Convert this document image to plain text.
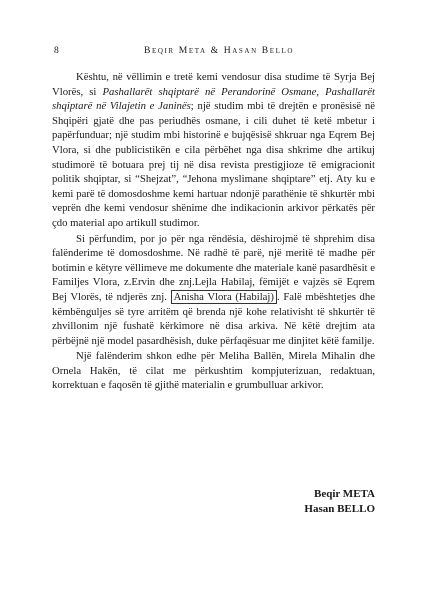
8	Beqir Meta & Hasan Bello

Kështu, në vëllimin e tretë kemi vendosur disa studime të Syrja Bej Vlorës, si Pashallarët shqiptarë në Perandorinë Osmane, Pashallarët shqiptarë në Vilajetin e Janinës; një studim mbi të drejtën e pronësisë në Shqipëri gjatë dhe pas periudhës osmane, i cili duhet të ketë mbetur i papërfunduar; një studim mbi historinë e bujqësisë shkruar nga Eqrem Bej Vlora, si dhe publicistikën e cila përbëhet nga disa shkrime dhe artikuj studimorë të botuara prej tij në disa revista prestigjioze të emigracionit politik shqiptar, si “Shejzat”, “Jehona myslimane shqiptare” etj. Aty ku e kemi parë të domosdoshme kemi hartuar ndonjë parathënie të shkurtër mbi veprën dhe kemi vendosur shënime dhe indikacionin arkivor përkatës për çdo material apo artikull studimor.

Si përfundim, por jo për nga rëndësia, dëshirojmë të shprehim disa falënderime të domosdoshme. Në radhë të parë, një meritë të madhe për botimin e këtyre vëllimeve me dokumente dhe materiale kanë pasardhësit e Familjes Vlora, z.Ervin dhe znj.Lejla Habilaj, fëmijët e vajzës së Eqrem Bej Vlorës, të ndjerës znj. Anisha Vlora (Habilaj) . Falë mbështetjes dhe këmbënguljes së tyre arritëm që brenda një kohe relativisht të shkurtër të zhvillonim një fushatë kërkimore në disa arkiva. Në këtë drejtim ata përbëjnë një model pasardhësish, duke përfaqësuar me dinjitet këtë familje.

Një falënderim shkon edhe për Meliha Ballën, Mirela Mihalin dhe Ornela Hakën, të cilat me përkushtim kompjuterizuan, redaktuan, korrektuan e faqosën të gjithë materialin e grumbulluar arkivor.

Beqir META
Hasan BELLO
